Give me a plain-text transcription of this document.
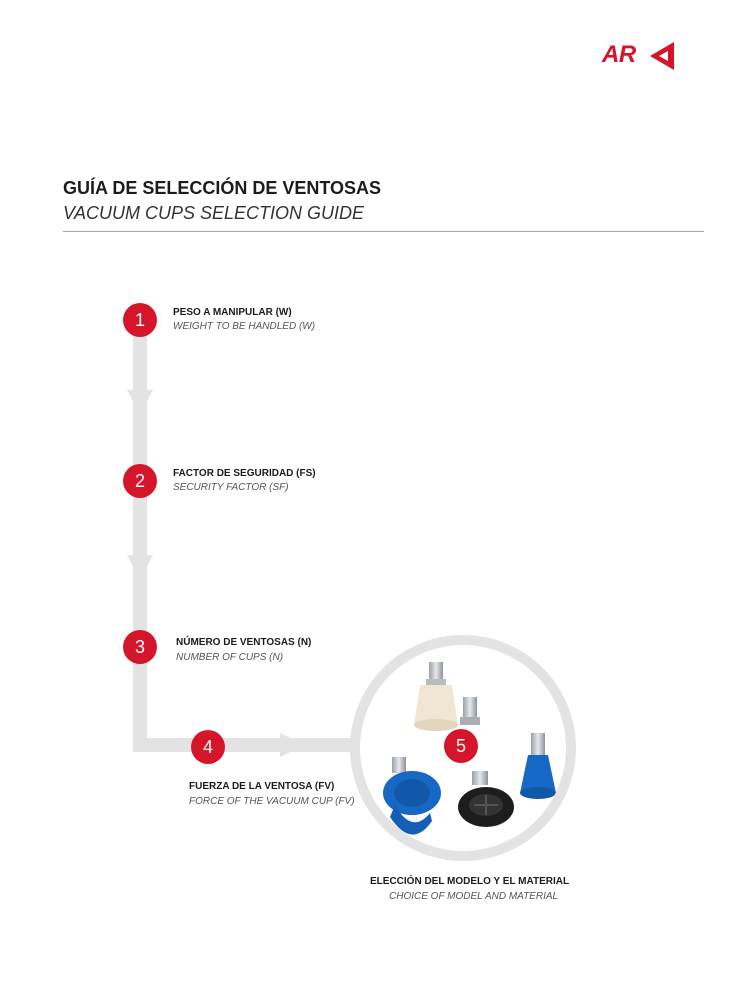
AR
GUÍA DE SELECCIÓN DE VENTOSAS
VACUUM CUPS SELECTION GUIDE
1	PESO A MANIPULAR (W)
WEIGHT TO BE HANDLED (W)
2	FACTOR DE SEGURIDAD (FS)
SECURITY FACTOR (SF)
3	NÚMERO DE VENTOSAS (N)
NUMBER OF CUPS (N)
4
FUERZA DE LA VENTOSA (FV)
FORCE OF THE VACUUM CUP (FV)
5
ELECCIÓN DEL MODELO Y EL MATERIAL
CHOICE OF MODEL AND MATERIAL
